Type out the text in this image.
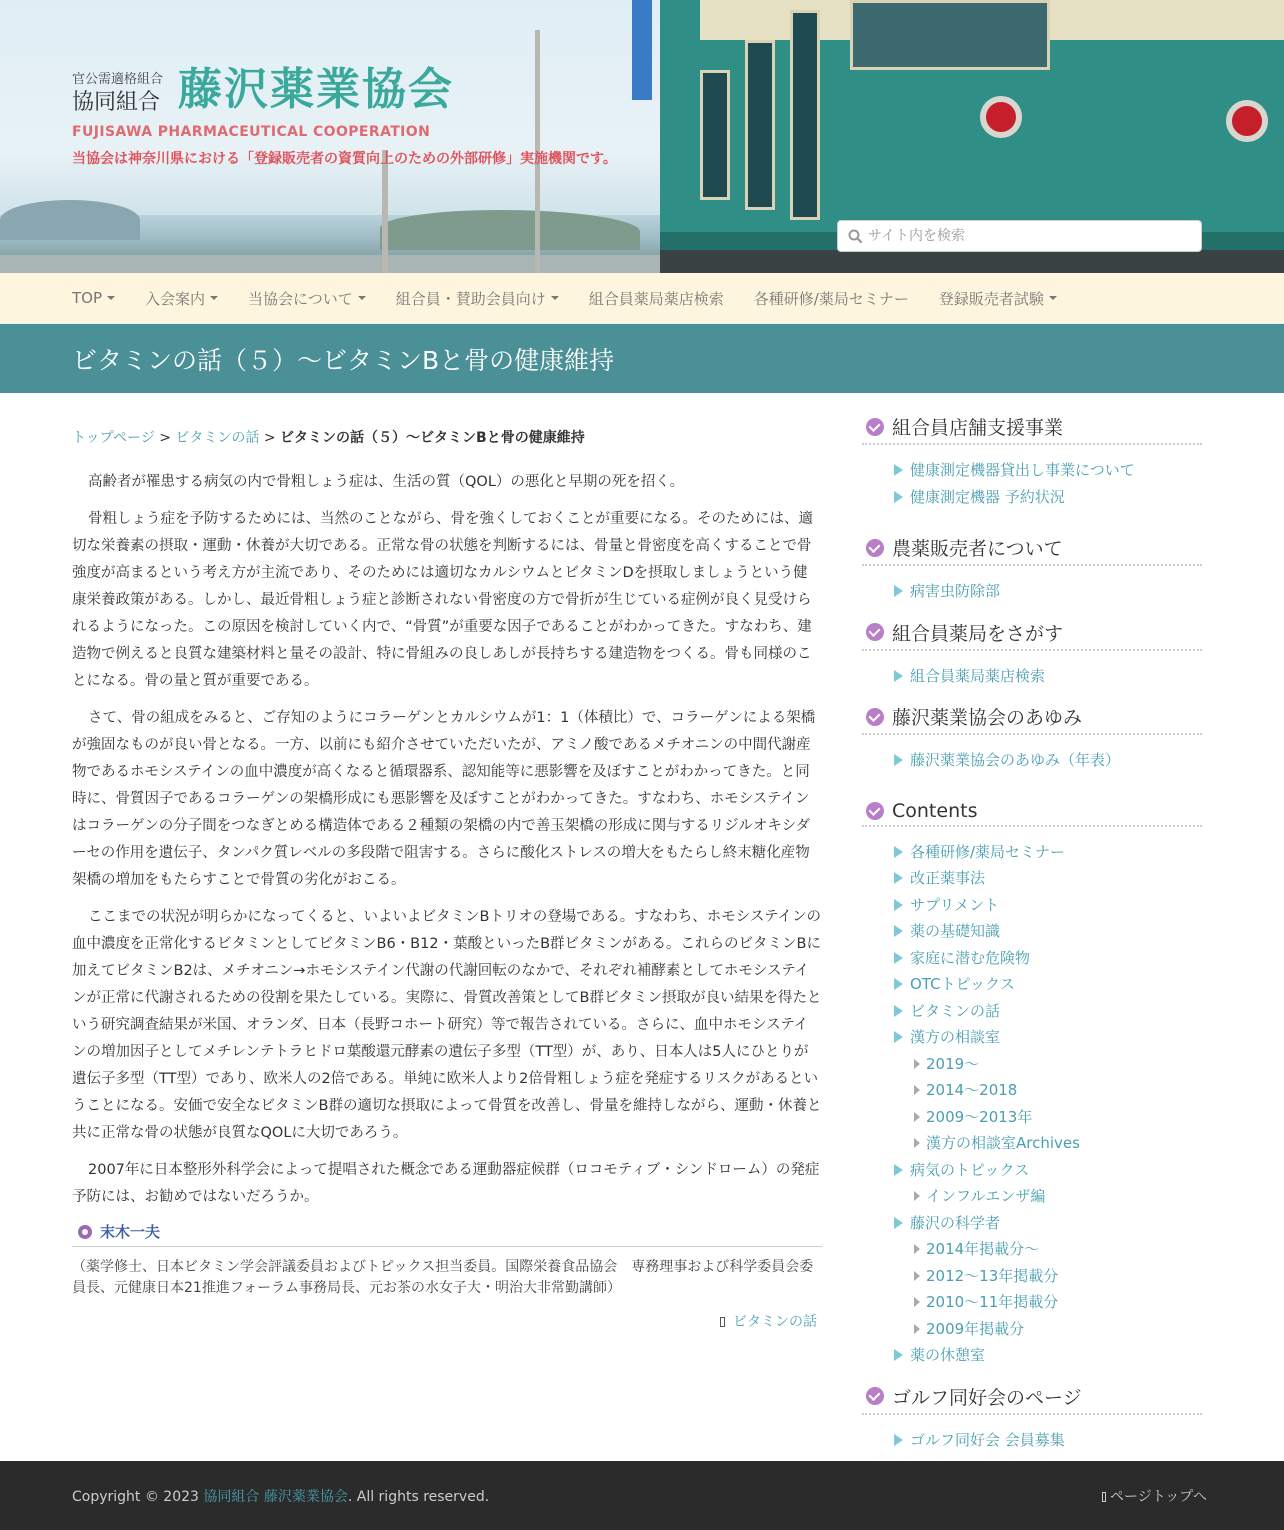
官公需適格組合
協同組合 藤沢薬業協会
FUJISAWA PHARMACEUTICAL COOPERATION
当協会は神奈川県における「登録販売者の資質向上のための外部研修」実施機関です。
サイト内を検索
TOP	入会案内	当協会について	組合員・賛助会員向け	組合員薬局薬店検索 各種研修/薬局セミナー 登録販売者試験
ビタミンの話（５）〜ビタミンBと骨の健康維持
トップページ > ビタミンの話 > ビタミンの話（５）〜ビタミンBと骨の健康維持

高齢者が罹患する病気の内で骨粗しょう症は、生活の質（QOL）の悪化と早期の死を招く。

骨粗しょう症を予防するためには、当然のことながら、骨を強くしておくことが重要になる。そのためには、適切な栄養素の摂取・運動・休養が大切である。正常な骨の状態を判断するには、骨量と骨密度を高くすることで骨強度が高まるという考え方が主流であり、そのためには適切なカルシウムとビタミンDを摂取しましょうという健康栄養政策がある。しかし、最近骨粗しょう症と診断されない骨密度の方で骨折が生じている症例が良く見受けられるようになった。この原因を検討していく内で、“骨質”が重要な因子であることがわかってきた。すなわち、建造物で例えると良質な建築材料と量その設計、特に骨組みの良しあしが長持ちする建造物をつくる。骨も同様のことになる。骨の量と質が重要である。

さて、骨の組成をみると、ご存知のようにコラーゲンとカルシウムが1：1（体積比）で、コラーゲンによる架橋が強固なものが良い骨となる。一方、以前にも紹介させていただいたが、アミノ酸であるメチオニンの中間代謝産物であるホモシステインの血中濃度が高くなると循環器系、認知能等に悪影響を及ぼすことがわかってきた。と同時に、骨質因子であるコラーゲンの架橋形成にも悪影響を及ぼすことがわかってきた。すなわち、ホモシステインはコラーゲンの分子間をつなぎとめる構造体である２種類の架橋の内で善玉架橋の形成に関与するリジルオキシダーセの作用を遺伝子、タンパク質レベルの多段階で阻害する。さらに酸化ストレスの増大をもたらし終末糖化産物架橋の増加をもたらすことで骨質の劣化がおこる。

ここまでの状況が明らかになってくると、いよいよビタミンBトリオの登場である。すなわち、ホモシステインの血中濃度を正常化するビタミンとしてビタミンB6・B12・葉酸といったB群ビタミンがある。これらのビタミンBに加えてビタミンB2は、メチオニン→ホモシステイン代謝の代謝回転のなかで、それぞれ補酵素としてホモシステインが正常に代謝されるための役割を果たしている。実際に、骨質改善策としてB群ビタミン摂取が良い結果を得たという研究調査結果が米国、オランダ、日本（長野コホート研究）等で報告されている。さらに、血中ホモシステインの増加因子としてメチレンテトラヒドロ葉酸還元酵素の遺伝子多型（TT型）が、あり、日本人は5人にひとりが遺伝子多型（TT型）であり、欧米人の2倍である。単純に欧米人より2倍骨粗しょう症を発症するリスクがあるということになる。安価で安全なビタミンB群の適切な摂取によって骨質を改善し、骨量を維持しながら、運動・休養と共に正常な骨の状態が良質なQOLに大切であろう。

2007年に日本整形外科学会によって提唱された概念である運動器症候群（ロコモティブ・シンドローム）の発症予防には、お勧めではないだろうか。

末木一夫
（薬学修士、日本ビタミン学会評議委員およびトピックス担当委員。国際栄養食品協会　専務理事および科学委員会委員長、元健康日本21推進フォーラム事務局長、元お茶の水女子大・明治大非常勤講師）
ビタミンの話
組合員店舗支援事業
健康測定機器貸出し事業について
健康測定機器 予約状況
農薬販売者について
病害虫防除部
組合員薬局をさがす
組合員薬局薬店検索
藤沢薬業協会のあゆみ
藤沢薬業協会のあゆみ（年表）
Contents
各種研修/薬局セミナー
改正薬事法
サプリメント
薬の基礎知識
家庭に潜む危険物
OTCトピックス
ビタミンの話
漢方の相談室
2019〜
2014〜2018
2009〜2013年
漢方の相談室Archives
病気のトピックス
インフルエンザ編
藤沢の科学者
2014年掲載分〜
2012〜13年掲載分
2010〜11年掲載分
2009年掲載分
薬の休憩室
ゴルフ同好会のページ
ゴルフ同好会 会員募集
Copyright © 2023 協同組合 藤沢薬業協会. All rights reserved.	ページトップへ
